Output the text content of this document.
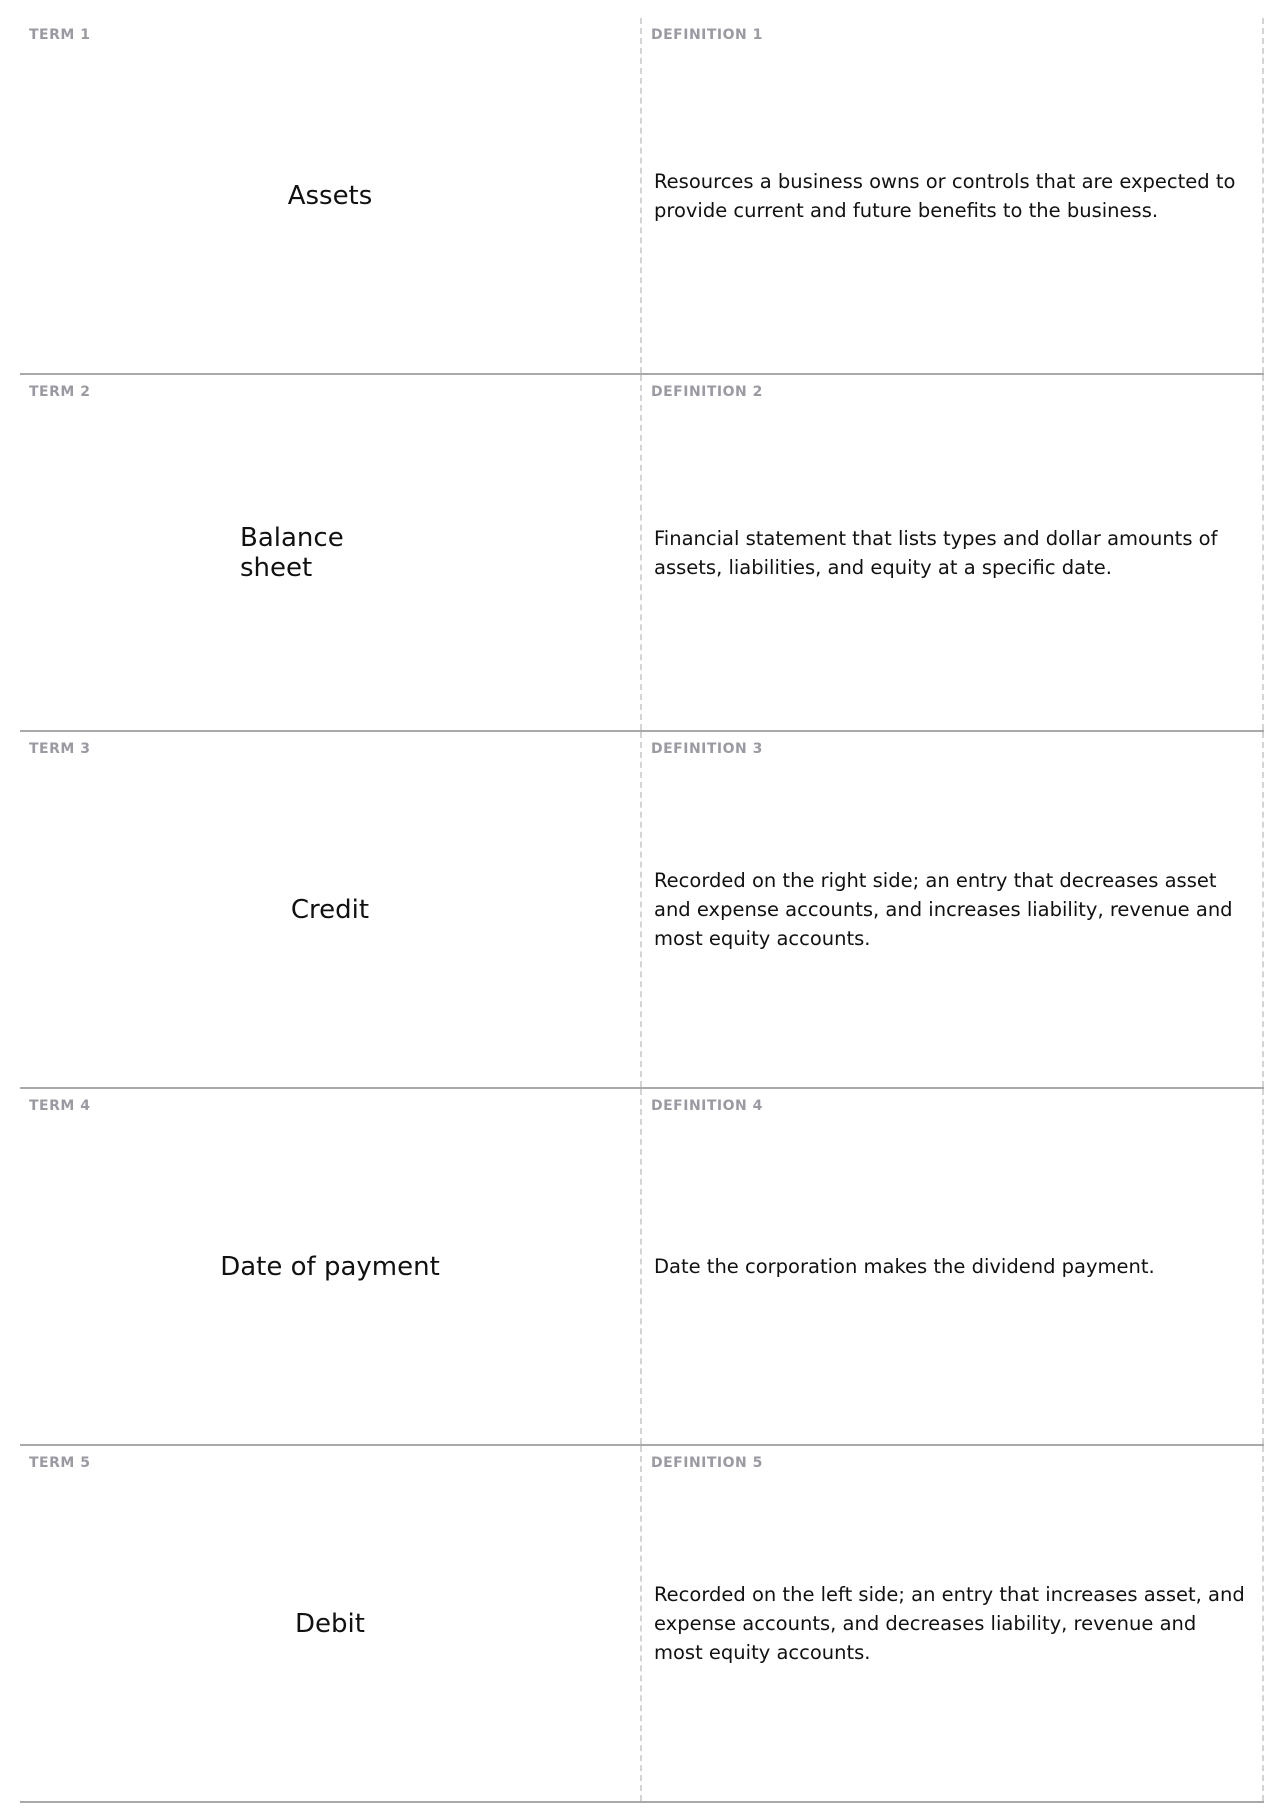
TERM 1
Assets
DEFINITION 1
Resources a business owns or controls that are expected to provide current and future benefits to the business.
TERM 2
Balance sheet
DEFINITION 2
Financial statement that lists types and dollar amounts of assets, liabilities, and equity at a specific date.
TERM 3
Credit
DEFINITION 3
Recorded on the right side; an entry that decreases asset and expense accounts, and increases liability, revenue and most equity accounts.
TERM 4
Date of payment
DEFINITION 4
Date the corporation makes the dividend payment.
TERM 5
Debit
DEFINITION 5
Recorded on the left side; an entry that increases asset, and expense accounts, and decreases liability, revenue and most equity accounts.
